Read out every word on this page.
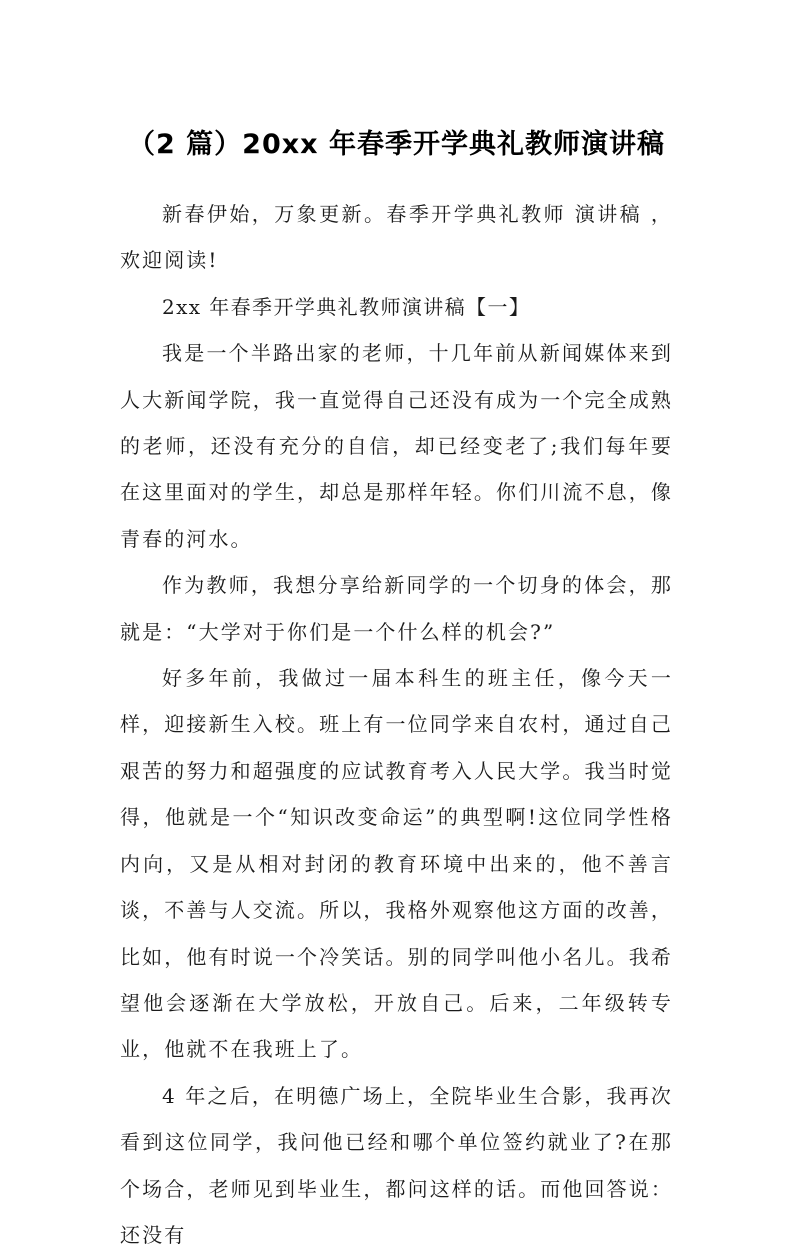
（2 篇）20xx 年春季开学典礼教师演讲稿

新春伊始，万象更新。春季开学典礼教师 演讲稿 ，欢迎阅读!

2xx 年春季开学典礼教师演讲稿【一】

我是一个半路出家的老师，十几年前从新闻媒体来到人大新闻学院，我一直觉得自己还没有成为一个完全成熟的老师，还没有充分的自信，却已经变老了;我们每年要在这里面对的学生，却总是那样年轻。你们川流不息，像青春的河水。

作为教师，我想分享给新同学的一个切身的体会，那就是：“大学对于你们是一个什么样的机会?”

好多年前，我做过一届本科生的班主任，像今天一样，迎接新生入校。班上有一位同学来自农村，通过自己艰苦的努力和超强度的应试教育考入人民大学。我当时觉得，他就是一个“知识改变命运”的典型啊!这位同学性格内向，又是从相对封闭的教育环境中出来的，他不善言谈，不善与人交流。所以，我格外观察他这方面的改善，比如，他有时说一个冷笑话。别的同学叫他小名儿。我希望他会逐渐在大学放松，开放自己。后来，二年级转专业，他就不在我班上了。

4 年之后，在明德广场上，全院毕业生合影，我再次看到这位同学，我问他已经和哪个单位签约就业了?在那个场合，老师见到毕业生，都问这样的话。而他回答说：还没有
